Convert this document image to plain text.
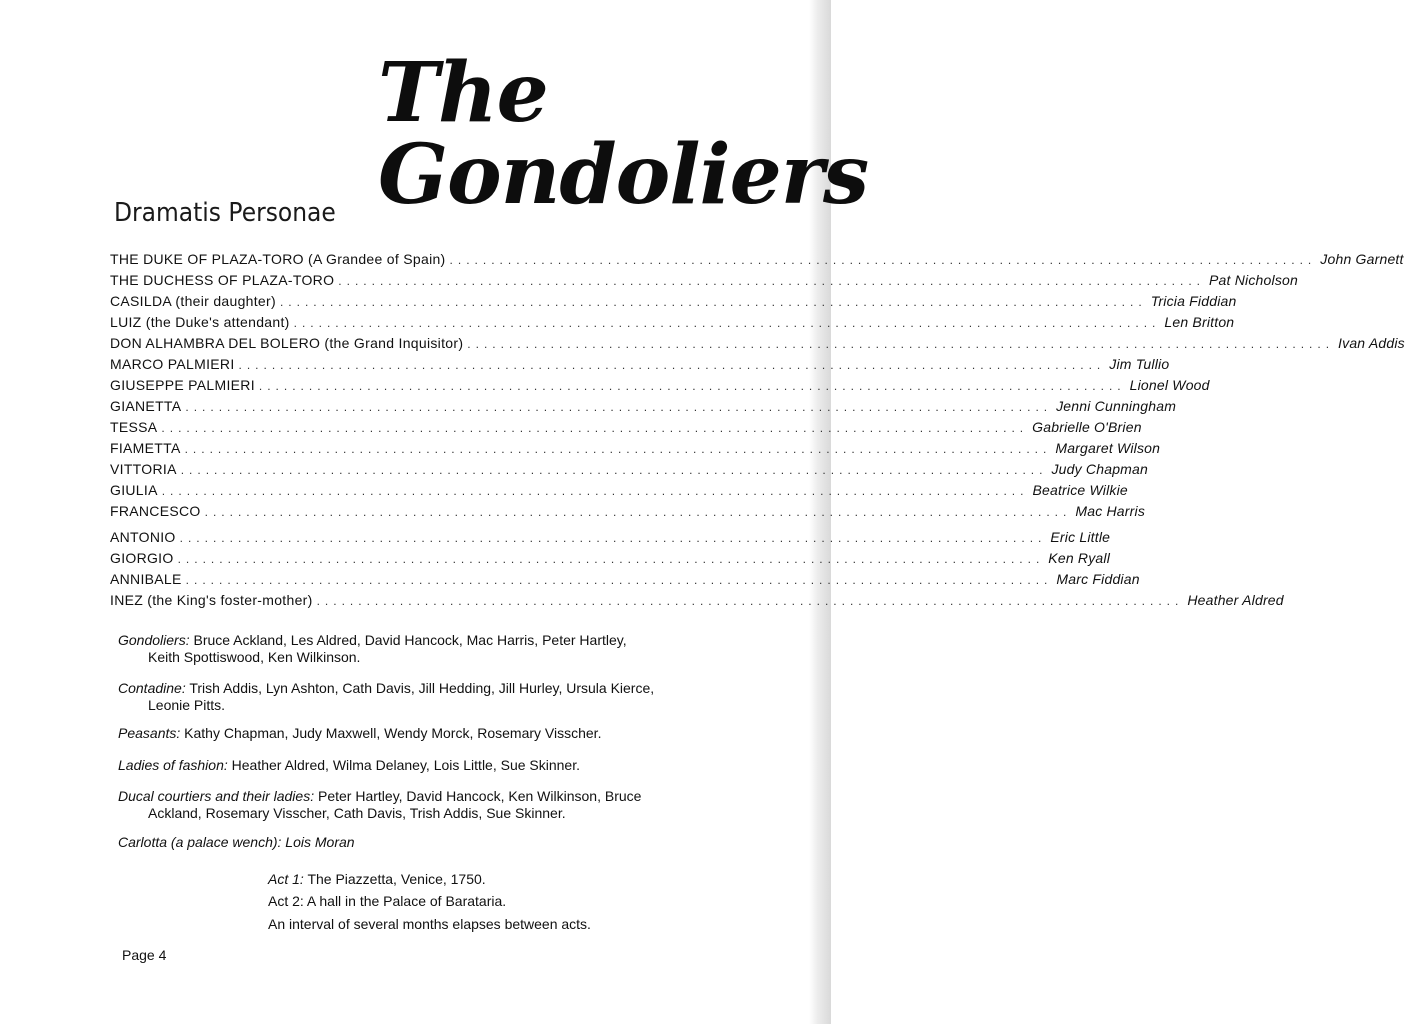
The Gondoliers
Dramatis Personae
THE DUKE OF PLAZA-TORO (A Grandee of Spain) ........................................................................................................ John Garnett
THE DUCHESS OF PLAZA-TORO ........................................................................................................ Pat Nicholson
CASILDA (their daughter) ........................................................................................................ Tricia Fiddian
LUIZ (the Duke's attendant) ........................................................................................................ Len Britton
DON ALHAMBRA DEL BOLERO (the Grand Inquisitor) ........................................................................................................ Ivan Addis
MARCO PALMIERI ........................................................................................................ Jim Tullio
GIUSEPPE PALMIERI ........................................................................................................ Lionel Wood
GIANETTA ........................................................................................................ Jenni Cunningham
TESSA ........................................................................................................ Gabrielle O'Brien
FIAMETTA ........................................................................................................ Margaret Wilson
VITTORIA ........................................................................................................ Judy Chapman
GIULIA ........................................................................................................ Beatrice Wilkie
FRANCESCO ........................................................................................................ Mac Harris
ANTONIO ........................................................................................................ Eric Little
GIORGIO ........................................................................................................ Ken Ryall
ANNIBALE ........................................................................................................ Marc Fiddian
INEZ (the King's foster-mother) ........................................................................................................ Heather Aldred
Gondoliers: Bruce Ackland, Les Aldred, David Hancock, Mac Harris, Peter Hartley,
Keith Spottiswood, Ken Wilkinson.
Contadine: Trish Addis, Lyn Ashton, Cath Davis, Jill Hedding, Jill Hurley, Ursula Kierce,
Leonie Pitts.
Peasants: Kathy Chapman, Judy Maxwell, Wendy Morck, Rosemary Visscher.
Ladies of fashion: Heather Aldred, Wilma Delaney, Lois Little, Sue Skinner.
Ducal courtiers and their ladies: Peter Hartley, David Hancock, Ken Wilkinson, Bruce
Ackland, Rosemary Visscher, Cath Davis, Trish Addis, Sue Skinner.
Carlotta (a palace wench): Lois Moran
Act 1: The Piazzetta, Venice, 1750.
Act 2: A hall in the Palace of Barataria.
An interval of several months elapses between acts.
Page 4
